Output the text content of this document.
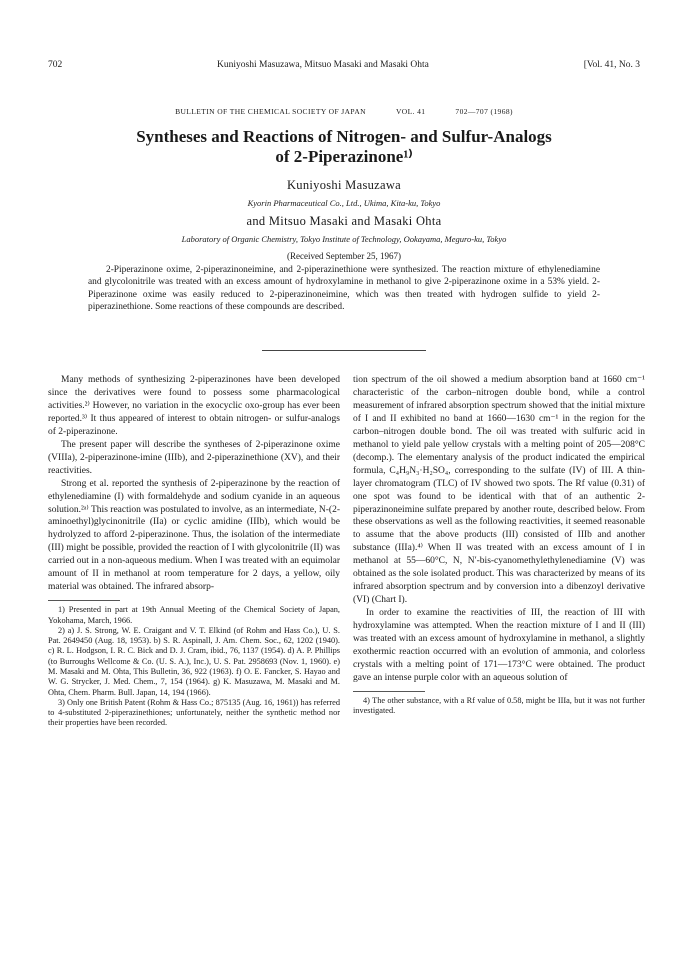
702	Kuniyoshi Masuzawa, Mitsuo Masaki and Masaki Ohta	[Vol. 41, No. 3
BULLETIN OF THE CHEMICAL SOCIETY OF JAPAN	VOL. 41	702—707 (1968)
Syntheses and Reactions of Nitrogen- and Sulfur-Analogs
of 2-Piperazinone¹⁾
Kuniyoshi Masuzawa
Kyorin Pharmaceutical Co., Ltd., Ukima, Kita-ku, Tokyo
and Mitsuo Masaki and Masaki Ohta
Laboratory of Organic Chemistry, Tokyo Institute of Technology, Ookayama, Meguro-ku, Tokyo
(Received September 25, 1967)
2-Piperazinone oxime, 2-piperazinoneimine, and 2-piperazinethione were synthesized. The reaction mixture of ethylenediamine and glycolonitrile was treated with an excess amount of hydroxylamine in methanol to give 2-piperazinone oxime in a 53% yield. 2-Piperazinone oxime was easily reduced to 2-piperazinoneimine, which was then treated with hydrogen sulfide to yield 2-piperazinethione. Some reactions of these compounds are described.

Many methods of synthesizing 2-piperazinones have been developed since the derivatives were found to possess some pharmacological activities.²⁾ However, no variation in the exocyclic oxo-group has ever been reported.³⁾ It thus appeared of interest to obtain nitrogen- or sulfur-analogs of 2-piperazinone.

The present paper will describe the syntheses of 2-piperazinone oxime (VIIIa), 2-piperazinone-imine (IIIb), and 2-piperazinethione (XV), and their reactivities.

Strong et al. reported the synthesis of 2-piperazinone by the reaction of ethylenediamine (I) with formaldehyde and sodium cyanide in an aqueous solution.²ᵃ⁾ This reaction was postulated to involve, as an intermediate, N-(2-aminoethyl)glycinonitrile (IIa) or cyclic amidine (IIIb), which would be hydrolyzed to afford 2-piperazinone. Thus, the isolation of the intermediate (III) might be possible, provided the reaction of I with glycolonitrile (II) was carried out in a non-aqueous medium. When I was treated with an equimolar amount of II in methanol at room temperature for 2 days, a yellow, oily material was obtained. The infrared absorp-

1) Presented in part at 19th Annual Meeting of the Chemical Society of Japan, Yokohama, March, 1966.

2) a) J. S. Strong, W. E. Craigant and V. T. Elkind (of Rohm and Hass Co.), U. S. Pat. 2649450 (Aug. 18, 1953). b) S. R. Aspinall, J. Am. Chem. Soc., 62, 1202 (1940). c) R. L. Hodgson, I. R. C. Bick and D. J. Cram, ibid., 76, 1137 (1954). d) A. P. Phillips (to Burroughs Wellcome & Co. (U. S. A.), Inc.), U. S. Pat. 2958693 (Nov. 1, 1960). e) M. Masaki and M. Ohta, This Bulletin, 36, 922 (1963). f) O. E. Fancker, S. Hayao and W. G. Strycker, J. Med. Chem., 7, 154 (1964). g) K. Masuzawa, M. Masaki and M. Ohta, Chem. Pharm. Bull. Japan, 14, 194 (1966).

3) Only one British Patent (Rohm & Hass Co.; 875135 (Aug. 16, 1961)) has referred to 4-substituted 2-piperazinethiones; unfortunately, neither the synthetic method nor their properties have been recorded.

tion spectrum of the oil showed a medium absorption band at 1660 cm⁻¹ characteristic of the carbon–nitrogen double bond, while a control measurement of infrared absorption spectrum showed that the initial mixture of I and II exhibited no band at 1660—1630 cm⁻¹ in the region for the carbon–nitrogen double bond. The oil was treated with sulfuric acid in methanol to yield pale yellow crystals with a melting point of 205—208°C (decomp.). The elementary analysis of the product indicated the empirical formula, C₄H₉N₃·H₂SO₄, corresponding to the sulfate (IV) of III. A thin-layer chromatogram (TLC) of IV showed two spots. The Rf value (0.31) of one spot was found to be identical with that of an authentic 2-piperazinoneimine sulfate prepared by another route, described below. From these observations as well as the following reactivities, it seemed reasonable to assume that the above products (III) consisted of IIIb and another substance (IIIa).⁴⁾ When II was treated with an excess amount of I in methanol at 55—60°C, N, N′-bis-cyanomethylethylenediamine (V) was obtained as the sole isolated product. This was characterized by means of its infrared absorption spectrum and by conversion into a dibenzoyl derivative (VI) (Chart I).

In order to examine the reactivities of III, the reaction of III with hydroxylamine was attempted. When the reaction mixture of I and II (III) was treated with an excess amount of hydroxylamine in methanol, a slightly exothermic reaction occurred with an evolution of ammonia, and colorless crystals with a melting point of 171—173°C were obtained. The product gave an intense purple color with an aqueous solution of

4) The other substance, with a Rf value of 0.58, might be IIIa, but it was not further investigated.
